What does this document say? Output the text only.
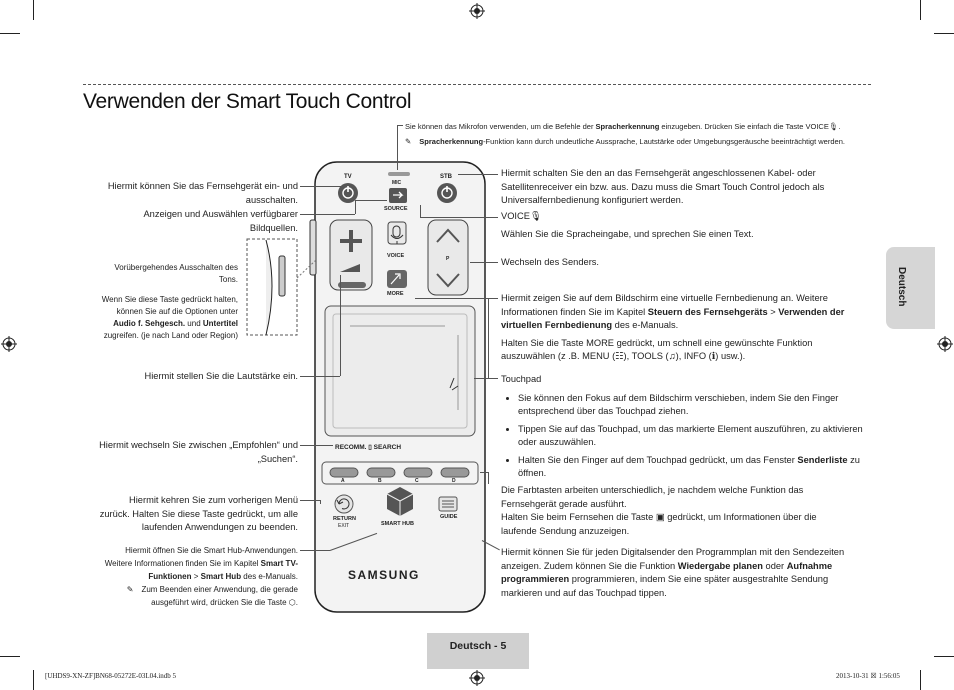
Verwenden der Smart Touch Control
Sie können das Mikrofon verwenden, um die Befehle der Spracherkennung einzugeben. Drücken Sie einfach die Taste VOICE🎙.
✎ Spracherkennung-Funktion kann durch undeutliche Aussprache, Lautstärke oder Umgebungsgeräusche beeinträchtigt werden.
Deutsch
TV
MIC
STB
SOURCE
VOICE	P
MORE
RECOMM. ▯ SEARCH
A	B	C	D
RETURN
EXIT	SMART HUB
GUIDE
SAMSUNG
Hiermit können Sie das Fernsehgerät ein- und
ausschalten.
Anzeigen und Auswählen verfügbarer
Bildquellen.
Vorübergehendes Ausschalten des
Tons.
Wenn Sie diese Taste gedrückt halten,
können Sie auf die Optionen unter
Audio f. Sehgesch. und Untertitel
zugreifen. (je nach Land oder Region)
Hiermit stellen Sie die Lautstärke ein.
Hiermit wechseln Sie zwischen „Empfohlen“ und
„Suchen“.
Hiermit kehren Sie zum vorherigen Menü
zurück. Halten Sie diese Taste gedrückt, um alle
laufenden Anwendungen zu beenden.
Hiermit öffnen Sie die Smart Hub-Anwendungen.
Weitere Informationen finden Sie im Kapitel Smart TV-
Funktionen > Smart Hub des e-Manuals.
✎ Zum Beenden einer Anwendung, die gerade
ausgeführt wird, drücken Sie die Taste ⬡.
Hiermit schalten Sie den an das Fernsehgerät angeschlossenen Kabel- oder
Satellitenreceiver ein bzw. aus. Dazu muss die Smart Touch Control jedoch als
Universalfernbedienung konfiguriert werden.
VOICE🎙
Wählen Sie die Spracheingabe, und sprechen Sie einen Text.
Wechseln des Senders.
Hiermit zeigen Sie auf dem Bildschirm eine virtuelle Fernbedienung an. Weitere
Informationen finden Sie im Kapitel Steuern des Fernsehgeräts > Verwenden der
virtuellen Fernbedienung des e-Manuals.
Halten Sie die Taste MORE gedrückt, um schnell eine gewünschte Funktion
auszuwählen (z .B. MENU (☷), TOOLS (♫), INFO (ℹ) usw.).
Touchpad
• Sie können den Fokus auf dem Bildschirm verschieben, indem Sie den Finger entsprechend über das Touchpad ziehen.
• Tippen Sie auf das Touchpad, um das markierte Element auszuführen, zu aktivieren oder auszuwählen.
• Halten Sie den Finger auf dem Touchpad gedrückt, um das Fenster Senderliste zu öffnen.
Die Farbtasten arbeiten unterschiedlich, je nachdem welche Funktion das
Fernsehgerät gerade ausführt.
Halten Sie beim Fernsehen die Taste ▣ gedrückt, um Informationen über die
laufende Sendung anzuzeigen.
Hiermit können Sie für jeden Digitalsender den Programmplan mit den Sendezeiten
anzeigen. Zudem können Sie die Funktion Wiedergabe planen oder Aufnahme
programmieren programmieren, indem Sie eine später ausgestrahlte Sendung
markieren und auf das Touchpad tippen.
Deutsch - 5
[UHDS9-XN-ZF]BN68-05272E-03L04.indb 5	2013-10-31 ☒ 1:56:05
